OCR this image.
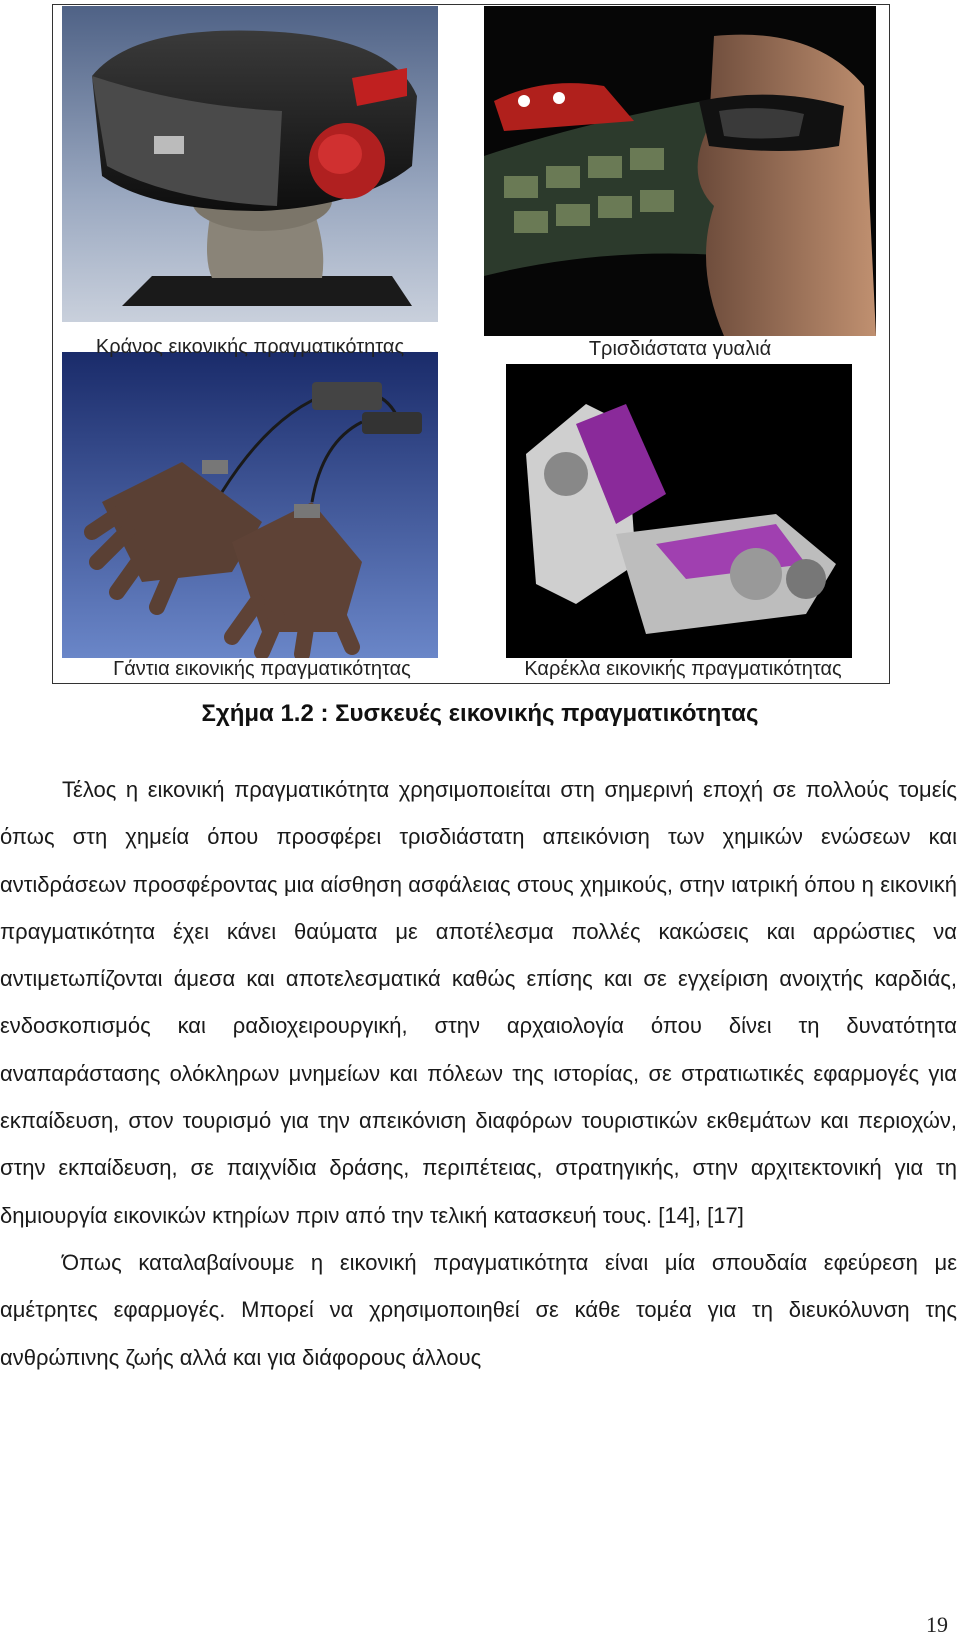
Κράνος εικονικής πραγματικότητας	Τρισδιάστατα γυαλιά
Γάντια εικονικής πραγματικότητας	Καρέκλα εικονικής πραγματικότητας
Σχήμα 1.2 : Συσκευές εικονικής πραγματικότητας

Τέλος η εικονική πραγματικότητα χρησιμοποιείται στη σημερινή εποχή σε πολλούς τομείς όπως στη χημεία όπου προσφέρει τρισδιάστατη απεικόνιση των χημικών ενώσεων και αντιδράσεων προσφέροντας μια αίσθηση ασφάλειας στους χημικούς, στην ιατρική όπου η εικονική πραγματικότητα έχει κάνει θαύματα με αποτέλεσμα πολλές κακώσεις και αρρώστιες να αντιμετωπίζονται άμεσα και αποτελεσματικά καθώς επίσης και σε εγχείριση ανοιχτής καρδιάς, ενδοσκοπισμός και ραδιοχειρουργική, στην αρχαιολογία όπου δίνει τη δυνατότητα αναπαράστασης ολόκληρων μνημείων και πόλεων της ιστορίας, σε στρατιωτικές εφαρμογές για εκπαίδευση, στον τουρισμό για την απεικόνιση διαφόρων τουριστικών εκθεμάτων και περιοχών, στην εκπαίδευση, σε παιχνίδια δράσης, περιπέτειας, στρατηγικής, στην αρχιτεκτονική για τη δημιουργία εικονικών κτηρίων πριν από την τελική κατασκευή τους. [14], [17]

Όπως καταλαβαίνουμε η εικονική πραγματικότητα είναι μία σπουδαία εφεύρεση με αμέτρητες εφαρμογές. Μπορεί να χρησιμοποιηθεί σε κάθε τομέα για τη διευκόλυνση της ανθρώπινης ζωής αλλά και για διάφορους άλλους

19
